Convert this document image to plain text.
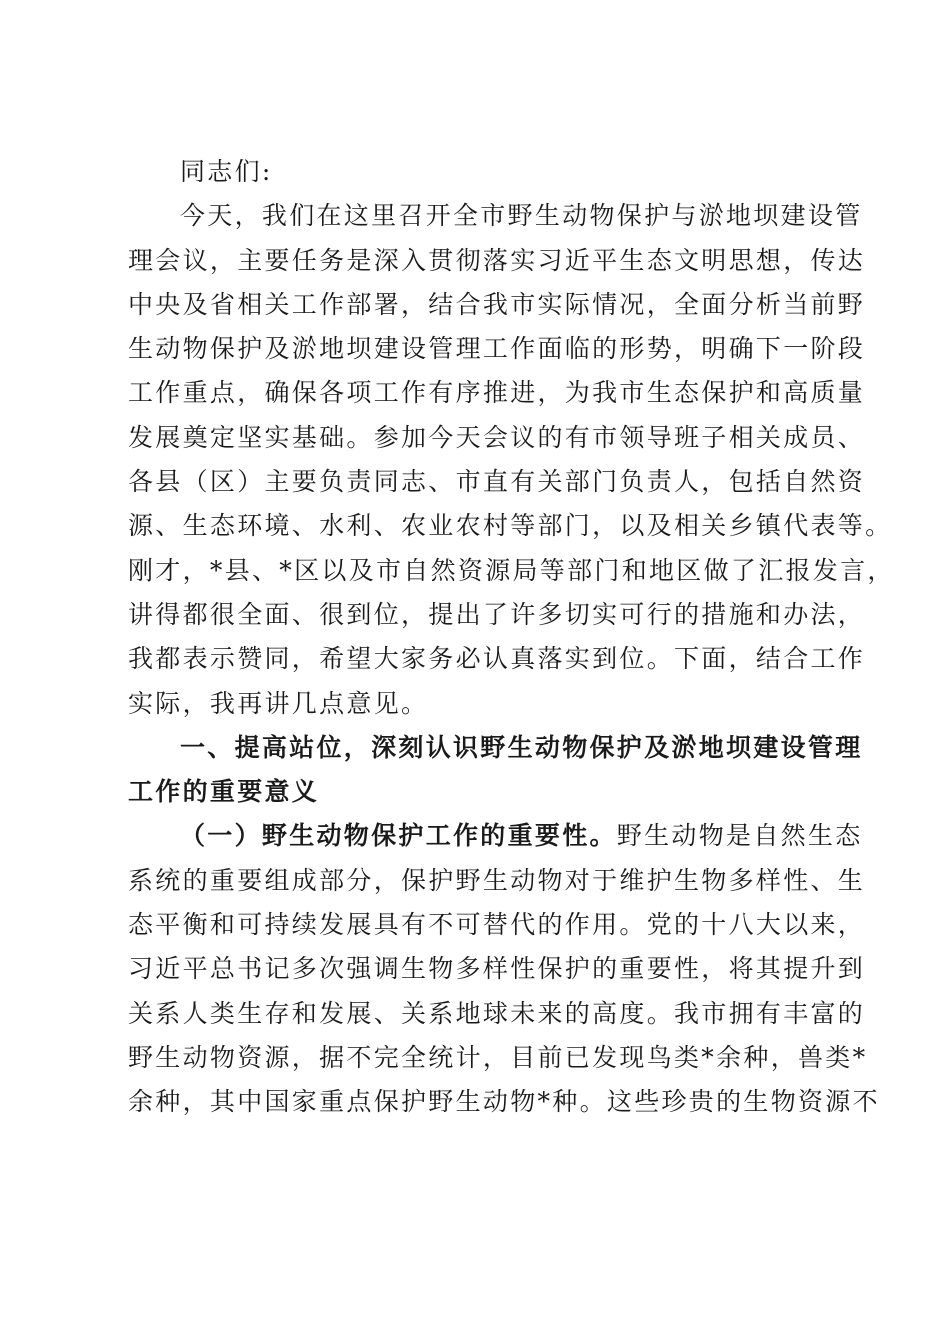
同志们:
今天，我们在这里召开全市野生动物保护与淤地坝建设管
理会议，主要任务是深入贯彻落实习近平生态文明思想，传达
中央及省相关工作部署，结合我市实际情况，全面分析当前野
生动物保护及淤地坝建设管理工作面临的形势，明确下一阶段
工作重点，确保各项工作有序推进，为我市生态保护和高质量
发展奠定坚实基础。参加今天会议的有市领导班子相关成员、
各县（区）主要负责同志、市直有关部门负责人，包括自然资
源、生态环境、水利、农业农村等部门，以及相关乡镇代表等。
刚才，*县、*区以及市自然资源局等部门和地区做了汇报发言，
讲得都很全面、很到位，提出了许多切实可行的措施和办法，
我都表示赞同，希望大家务必认真落实到位。下面，结合工作
实际，我再讲几点意见。
一、提高站位，深刻认识野生动物保护及淤地坝建设管理
工作的重要意义
（一）野生动物保护工作的重要性。野生动物是自然生态
系统的重要组成部分，保护野生动物对于维护生物多样性、生
态平衡和可持续发展具有不可替代的作用。党的十八大以来，
习近平总书记多次强调生物多样性保护的重要性，将其提升到
关系人类生存和发展、关系地球未来的高度。我市拥有丰富的
野生动物资源，据不完全统计，目前已发现鸟类*余种，兽类*
余种，其中国家重点保护野生动物*种。这些珍贵的生物资源不
